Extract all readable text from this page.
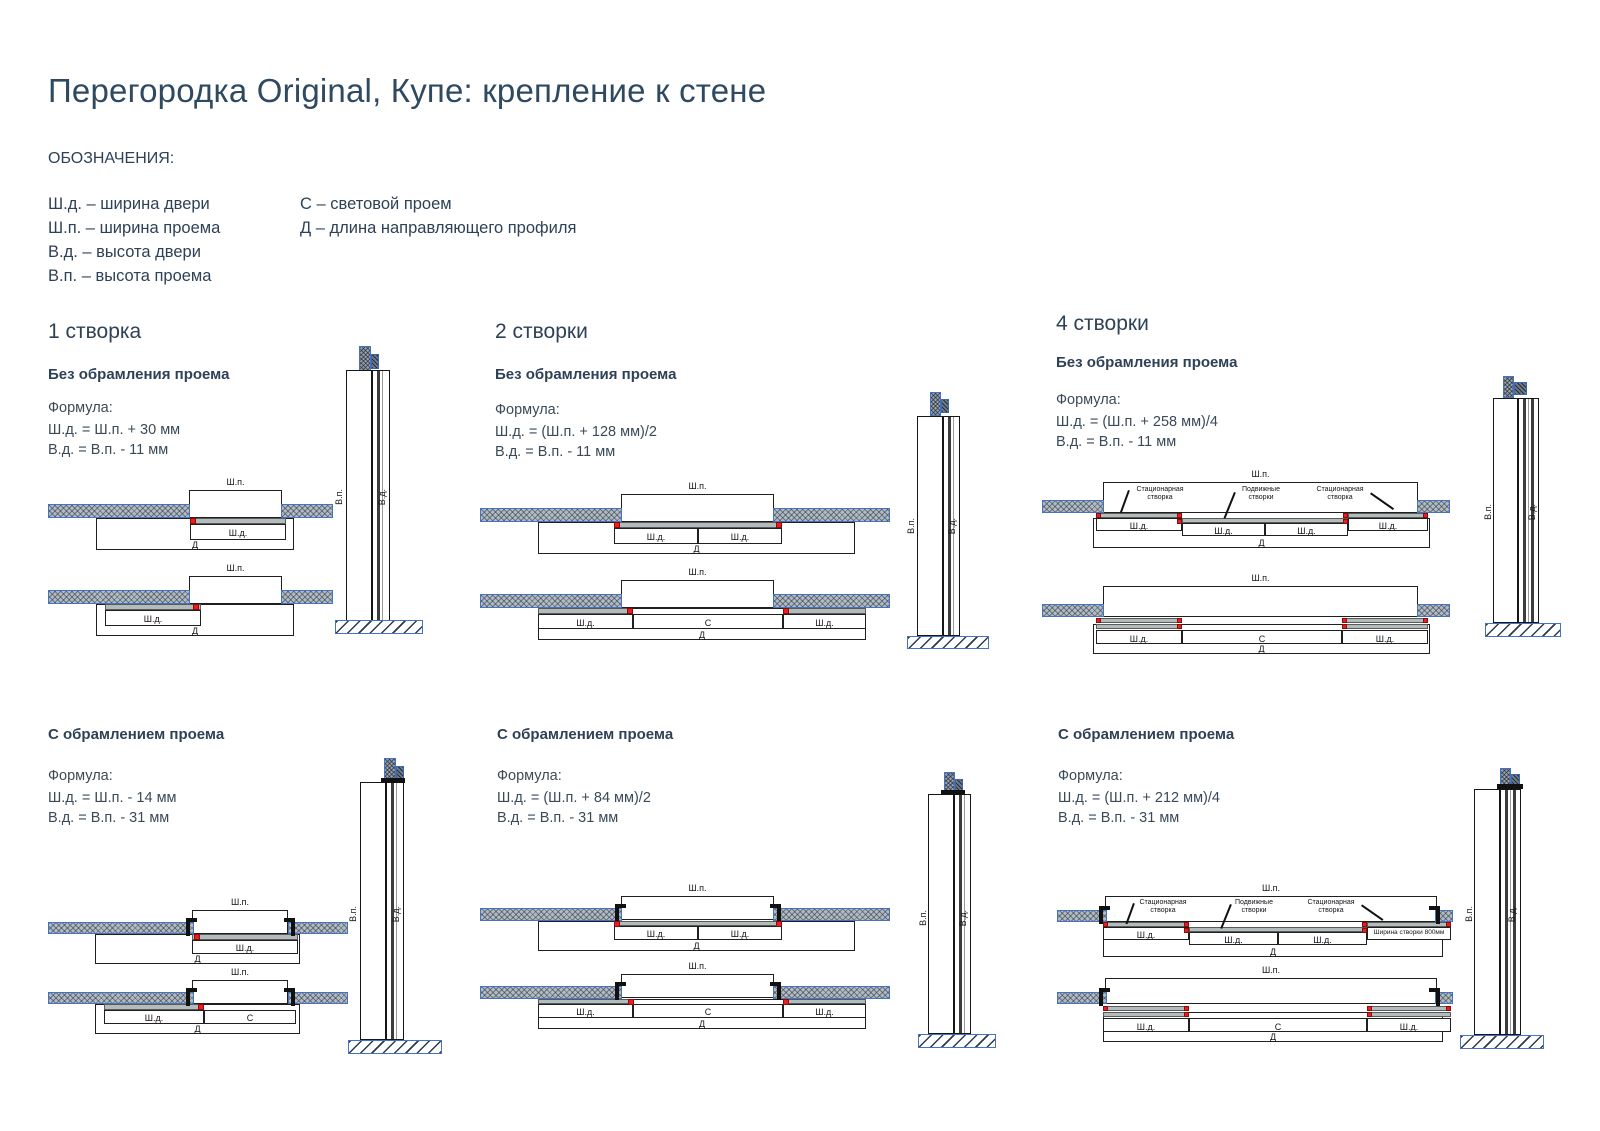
Перегородка Original, Купе: крепление к стене
ОБОЗНАЧЕНИЯ:
Ш.д. – ширина двери
Ш.п. – ширина проема
В.д. – высота двери
В.п. – высота проема
С – световой проем
Д – длина направляющего профиля
1 створка	2 створки	4 створки
Без обрамления проема	Без обрамления проема
Без обрамления проема
Формула:
Ш.д. = Ш.п. + 30 мм
В.д. = В.п. - 11 мм
Формула:
Ш.д. = (Ш.п. + 128 мм)/2
В.д. = В.п. - 11 мм
Формула:
Ш.д. = (Ш.п. + 258 мм)/4
В.д. = В.п. - 11 мм
С обрамлением проема	С обрамлением проема	С обрамлением проема
Формула:
Ш.д. = Ш.п. - 14 мм
В.д. = В.п. - 31 мм
Формула:
Ш.д. = (Ш.п. + 84 мм)/2
В.д. = В.п. - 31 мм
Формула:
Ш.д. = (Ш.п. + 212 мм)/4
В.д. = В.п. - 31 мм
Ш.п.
Ш.д.
Д
Ш.п.
Ш.д.
Д
В.п.	В.д.
Ш.п.
Ш.д.	Ш.д.
Д
Ш.п.
Ш.д.	С	Ш.д.
Д
В.п.	В.д.
Ш.п.
Стационарная створка
Подвижные створки
Стационарная створка
Ш.д.	Ш.д.	Ш.д.	Ш.д.
Д
Ш.п.
Ш.д.	С	Ш.д.
Д
В.п.	В.д.
Ш.п.
Ш.д.
Д
Ш.п.
Ш.д.	С
Д
В.п.	В.д.
Ш.п.
Ш.д.	Ш.д.
Д
Ш.п.
Ш.д.	С	Ш.д.
Д
В.п.	В.д.
Ш.п.
Стационарная створка
Подвижные створки
Стационарная створка
Ш.д.	Ш.д.	Ш.д.
Ширина створки 800мм
Д
Ш.п.
Ш.д.	С	Ш.д.
Д
В.п.	В.д.
